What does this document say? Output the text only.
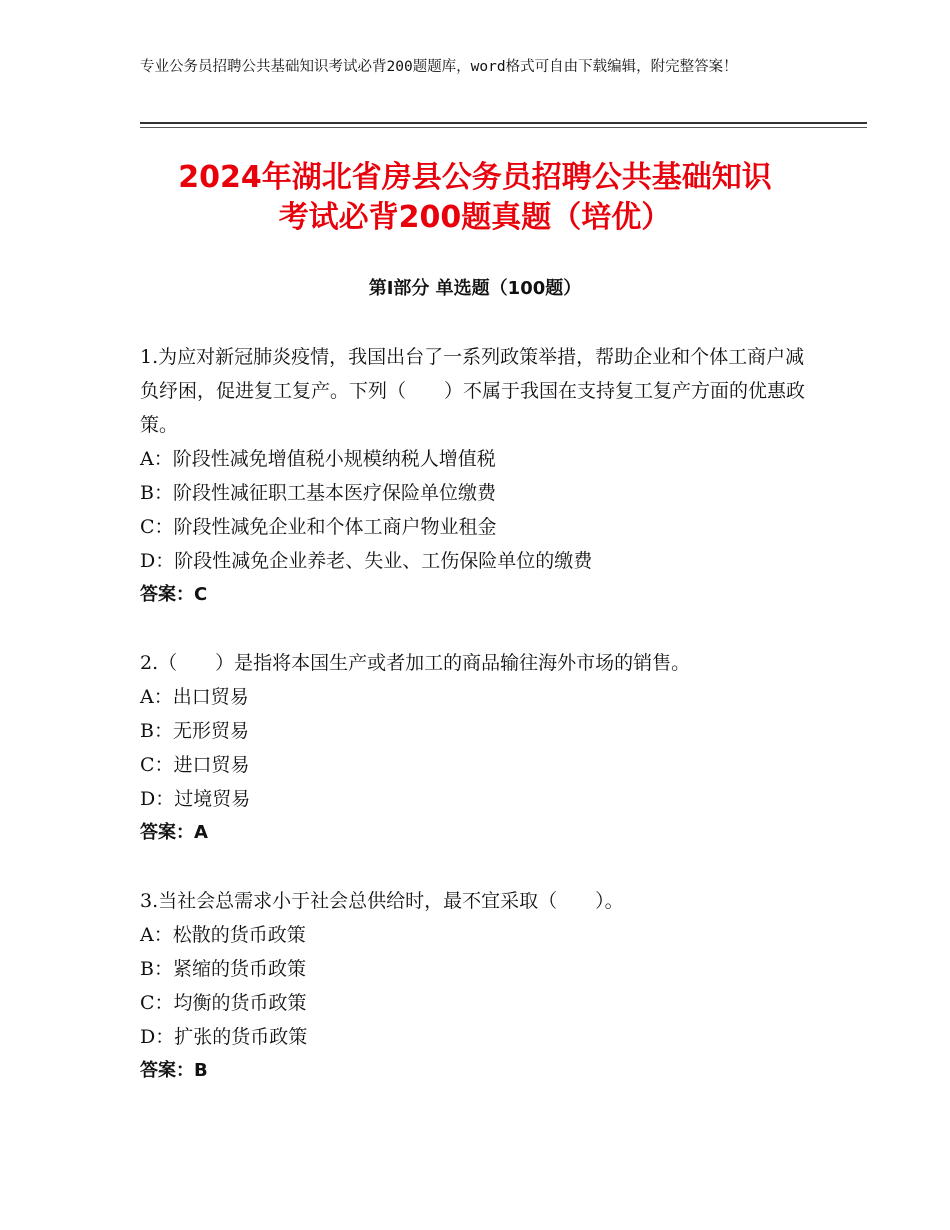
专业公务员招聘公共基础知识考试必背200题题库，word格式可自由下载编辑，附完整答案！
2024年湖北省房县公务员招聘公共基础知识
考试必背200题真题（培优）
第Ⅰ部分 单选题（100题）

1.为应对新冠肺炎疫情，我国出台了一系列政策举措，帮助企业和个体工商户减负纾困，促进复工复产。下列（　　）不属于我国在支持复工复产方面的优惠政策。

A：阶段性减免增值税小规模纳税人增值税

B：阶段性减征职工基本医疗保险单位缴费

C：阶段性减免企业和个体工商户物业租金

D：阶段性减免企业养老、失业、工伤保险单位的缴费

答案：C

2.（　　）是指将本国生产或者加工的商品输往海外市场的销售。

A：出口贸易

B：无形贸易

C：进口贸易

D：过境贸易

答案：A

3.当社会总需求小于社会总供给时，最不宜采取（　　）。

A：松散的货币政策

B：紧缩的货币政策

C：均衡的货币政策

D：扩张的货币政策

答案：B
